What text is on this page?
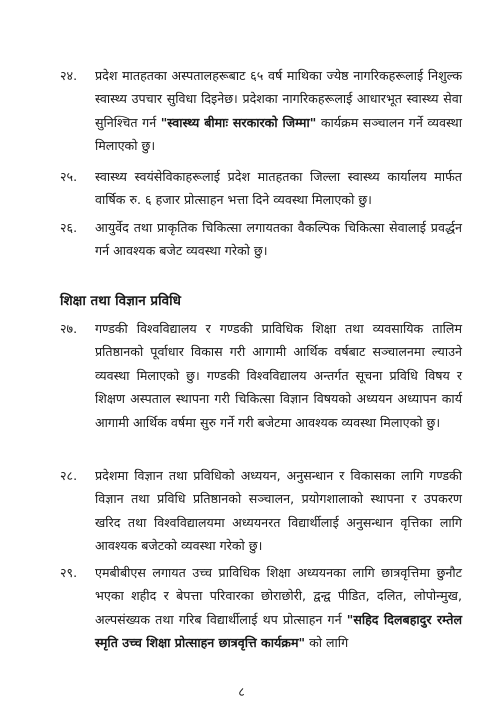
२४. प्रदेश मातहतका अस्पतालहरूबाट ६५ वर्ष माथिका ज्येष्ठ नागरिकहरूलाई निशुल्क स्वास्थ्य उपचार सुविधा दिइनेछ। प्रदेशका नागरिकहरूलाई आधारभूत स्वास्थ्य सेवा सुनिश्चित गर्न "स्वास्थ्य बीमाः सरकारको जिम्मा" कार्यक्रम सञ्चालन गर्ने व्यवस्था मिलाएको छु।
२५. स्वास्थ्य स्वयंसेविकाहरूलाई प्रदेश मातहतका जिल्ला स्वास्थ्य कार्यालय मार्फत वार्षिक रु. ६ हजार प्रोत्साहन भत्ता दिने व्यवस्था मिलाएको छु।
२६. आयुर्वेद तथा प्राकृतिक चिकित्सा लगायतका वैकल्पिक चिकित्सा सेवालाई प्रवर्द्धन गर्न आवश्यक बजेट व्यवस्था गरेको छु।
शिक्षा तथा विज्ञान प्रविधि
२७. गण्डकी विश्वविद्यालय र गण्डकी प्राविधिक शिक्षा तथा व्यवसायिक तालिम प्रतिष्ठानको पूर्वाधार विकास गरी आगामी आर्थिक वर्षबाट सञ्चालनमा ल्याउने व्यवस्था मिलाएको छु। गण्डकी विश्वविद्यालय अन्तर्गत सूचना प्रविधि विषय र शिक्षण अस्पताल स्थापना गरी चिकित्सा विज्ञान विषयको अध्ययन अध्यापन कार्य आगामी आर्थिक वर्षमा सुरु गर्ने गरी बजेटमा आवश्यक व्यवस्था मिलाएको छु।
२८. प्रदेशमा विज्ञान तथा प्रविधिको अध्ययन, अनुसन्धान र विकासका लागि गण्डकी विज्ञान तथा प्रविधि प्रतिष्ठानको सञ्चालन, प्रयोगशालाको स्थापना र उपकरण खरिद तथा विश्वविद्यालयमा अध्ययनरत विद्यार्थीलाई अनुसन्धान वृत्तिका लागि आवश्यक बजेटको व्यवस्था गरेको छु।
२९. एमबीबीएस लगायत उच्च प्राविधिक शिक्षा अध्ययनका लागि छात्रवृत्तिमा छुनौट भएका शहीद र बेपत्ता परिवारका छोराछोरी, द्वन्द्व पीडित, दलित, लोपोन्मुख, अल्पसंख्यक तथा गरिब विद्यार्थीलाई थप प्रोत्साहन गर्न "सहिद दिलबहादुर रम्तेल स्मृति उच्च शिक्षा प्रोत्साहन छात्रवृत्ति कार्यक्रम" को लागि
८
